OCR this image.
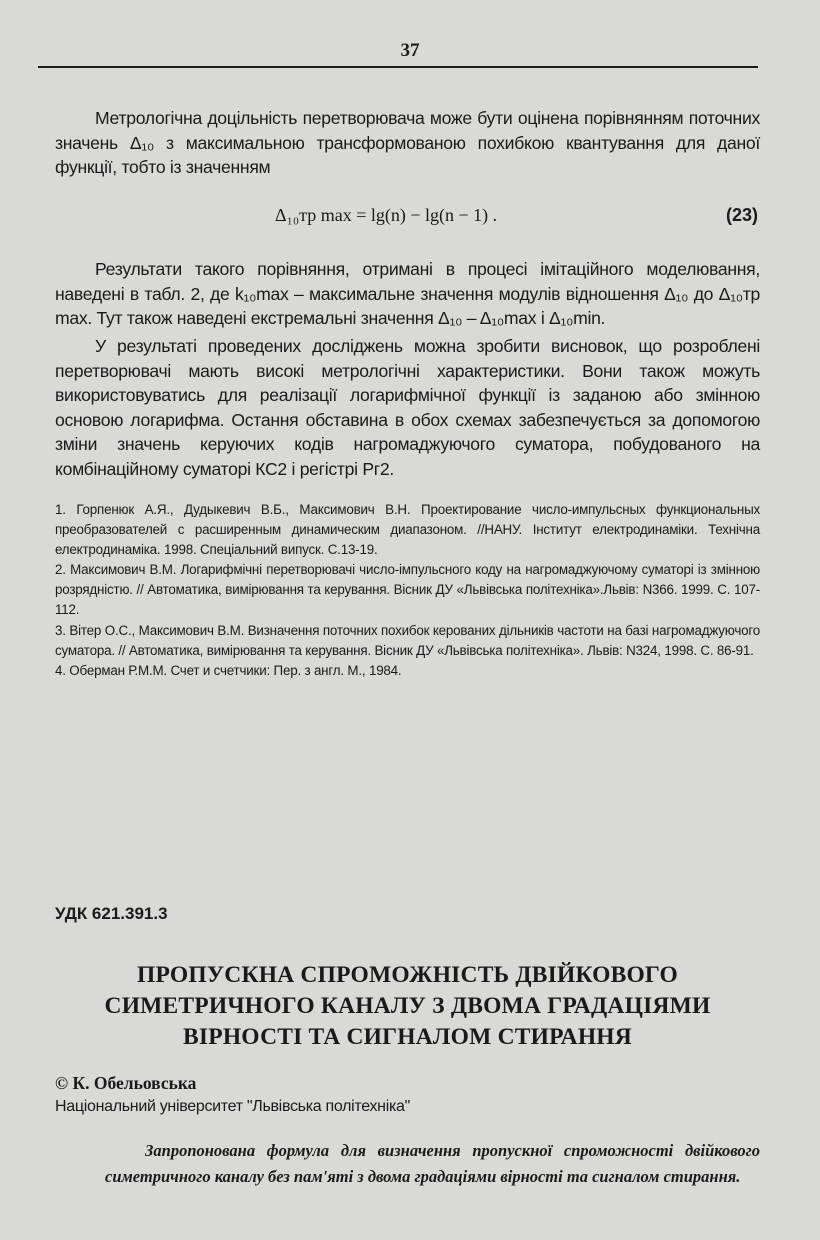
37
Метрологічна доцільність перетворювача може бути оцінена порівнянням поточних значень Δ₁₀ з максимальною трансформованою похибкою квантування для даної функції, тобто із значенням
Δ₁₀тр max = lg(n) − lg(n − 1) .	(23)
Результати такого порівняння, отримані в процесі імітаційного моделювання, наведені в табл. 2, де k₁₀max – максимальне значення модулів відношення Δ₁₀ до Δ₁₀тр max. Тут також наведені екстремальні значення Δ₁₀ – Δ₁₀max і Δ₁₀min.
У результаті проведених досліджень можна зробити висновок, що розроблені перетворювачі мають високі метрологічні характеристики. Вони також можуть використовуватись для реалізації логарифмічної функції із заданою або змінною основою логарифма. Остання обставина в обох схемах забезпечується за допомогою зміни значень керуючих кодів нагромаджуючого суматора, побудованого на комбінаційному суматорі КС2 і регістрі Рг2.

1. Горпенюк А.Я., Дудыкевич В.Б., Максимович В.Н. Проектирование число-импульсных функциональных преобразователей с расширенным динамическим диапазоном. //НАНУ. Інститут електродинаміки. Технічна електродинаміка. 1998. Спеціальний випуск. С.13-19.

2. Максимович В.М. Логарифмічні перетворювачі число-імпульсного коду на нагромаджуючому суматорі із змінною розрядністю. // Автоматика, вимірювання та керування. Вісник ДУ «Львівська політехніка».Львів: N366. 1999. С. 107-112.

3. Вітер О.С., Максимович В.М. Визначення поточних похибок керованих дільників частоти на базі нагромаджуючого суматора. // Автоматика, вимірювання та керування. Вісник ДУ «Львівська політехніка». Львів: N324, 1998. С. 86-91.

4. Оберман Р.М.М. Счет и счетчики: Пер. з англ. М., 1984.

УДК 621.391.3
ПРОПУСКНА СПРОМОЖНІСТЬ ДВІЙКОВОГО
СИМЕТРИЧНОГО КАНАЛУ З ДВОМА ГРАДАЦІЯМИ
ВІРНОСТІ ТА СИГНАЛОМ СТИРАННЯ
© К. Обельовська
Національний університет "Львівська політехніка"
Запропонована формула для визначення пропускної спроможності двійкового симетричного каналу без пам'яті з двома градаціями вірності та сигналом стирання.
